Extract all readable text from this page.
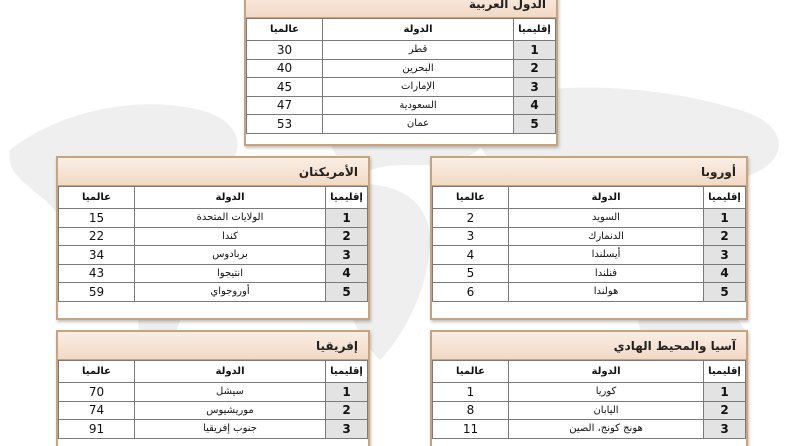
الدول العربية
إقليميا	الدولة	عالميا
1	قطر	30
2	البحرين	40
3	الإمارات	45
4	السعودية	47
5	عمان	53
الأمريكتان
إقليميا	الدولة	عالميا
1	الولايات المتحدة	15
2	كندا	22
3	بربادوس	34
4	انتيجوا	43
5	أوروجواي	59
أوروبا
إقليميا	الدولة	عالميا
1	السويد	2
2	الدنمارك	3
3	أيسلندا	4
4	فنلندا	5
5	هولندا	6
إفريقيا
إقليميا	الدولة	عالميا
1	سيشل	70
2	موريشيوس	74
3	جنوب إفريقيا	91
آسيا والمحيط الهادي
إقليميا	الدولة	عالميا
1	كوريا	1
2	اليابان	8
3	هونج كونج، الصين	11
